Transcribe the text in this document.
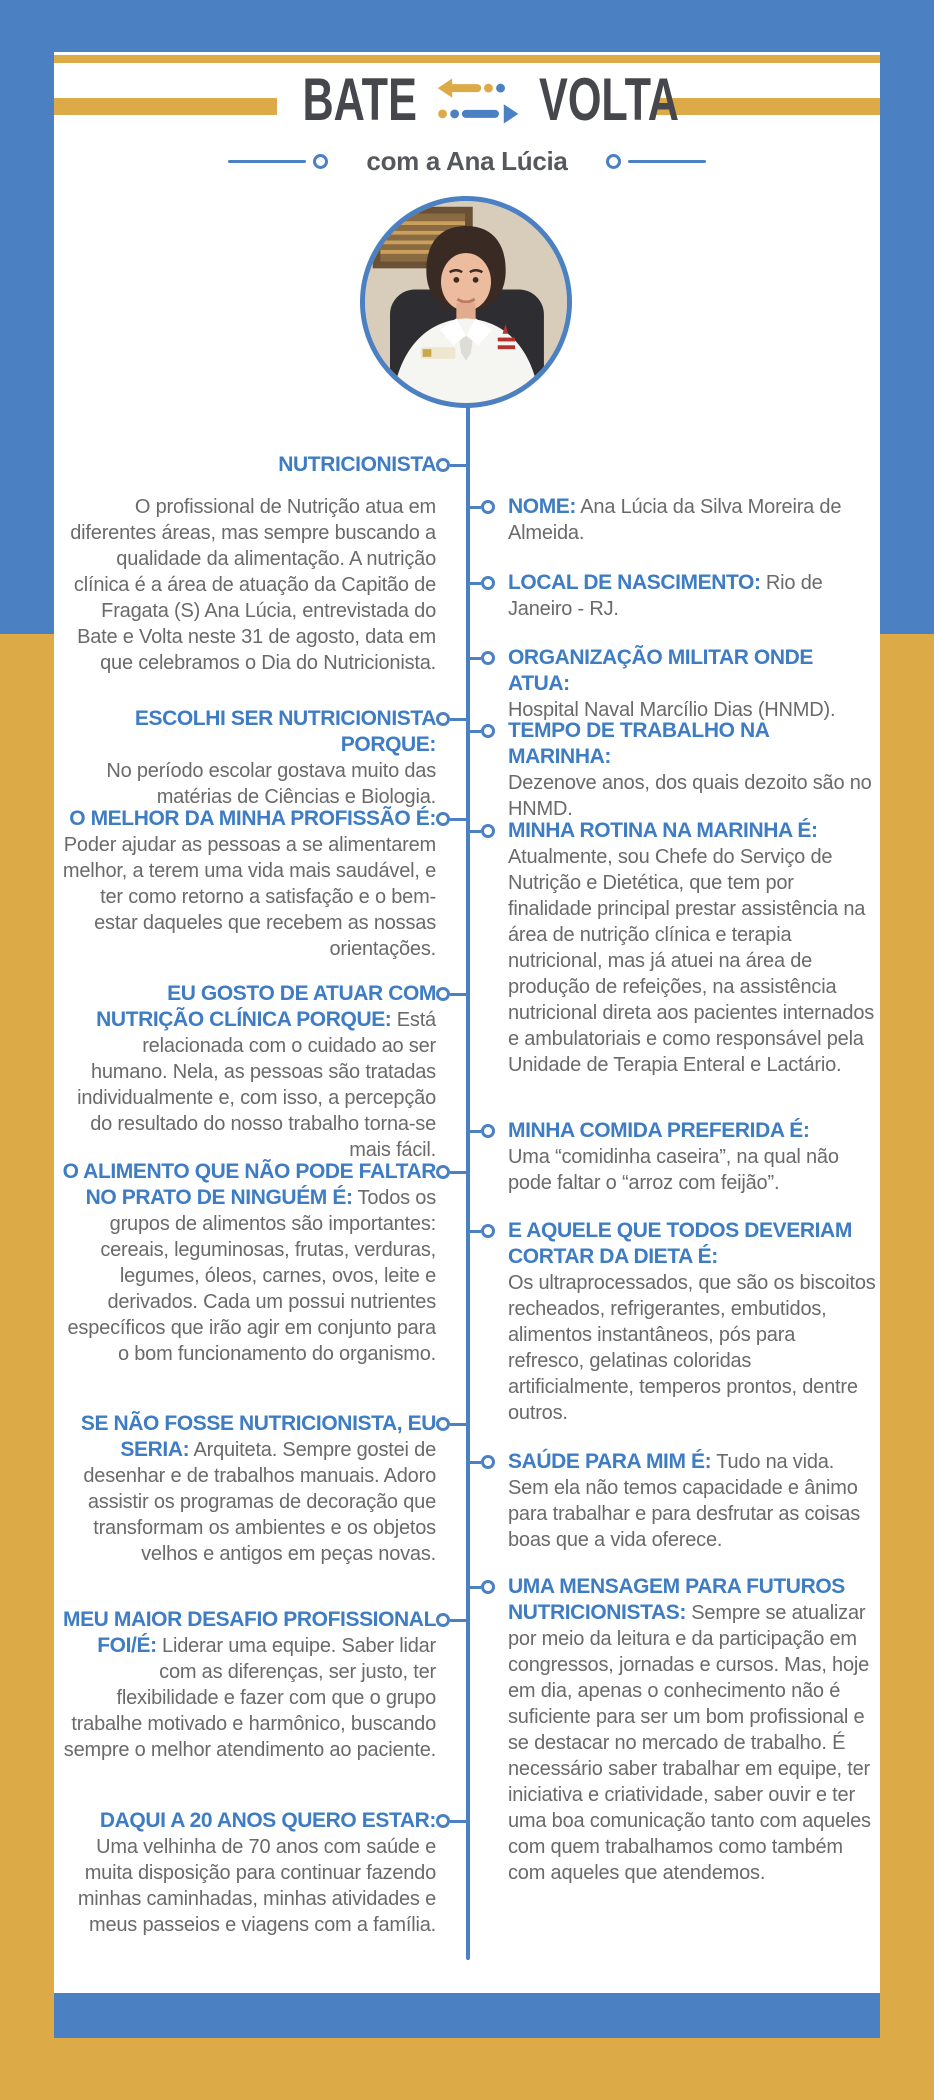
BATE VOLTA
com a Ana Lúcia

NUTRICIONISTA
O profissional de Nutrição atua em diferentes áreas, mas sempre buscando a qualidade da alimentação. A nutrição clínica é a área de atuação da Capitão de Fragata (S) Ana Lúcia, entrevistada do Bate e Volta neste 31 de agosto, data em que celebramos o Dia do Nutricionista.

ESCOLHI SER NUTRICIONISTA PORQUE:
No período escolar gostava muito das matérias de Ciências e Biologia.

O MELHOR DA MINHA PROFISSÃO É:
Poder ajudar as pessoas a se alimentarem melhor, a terem uma vida mais saudável, e ter como retorno a satisfação e o bem-estar daqueles que recebem as nossas orientações.

EU GOSTO DE ATUAR COM NUTRIÇÃO CLÍNICA PORQUE: Está relacionada com o cuidado ao ser humano. Nela, as pessoas são tratadas individualmente e, com isso, a percepção do resultado do nosso trabalho torna-se mais fácil.

O ALIMENTO QUE NÃO PODE FALTAR NO PRATO DE NINGUÉM É: Todos os grupos de alimentos são importantes: cereais, leguminosas, frutas, verduras, legumes, óleos, carnes, ovos, leite e derivados. Cada um possui nutrientes específicos que irão agir em conjunto para o bom funcionamento do organismo.

SE NÃO FOSSE NUTRICIONISTA, EU SERIA: Arquiteta. Sempre gostei de desenhar e de trabalhos manuais. Adoro assistir os programas de decoração que transformam os ambientes e os objetos velhos e antigos em peças novas.

MEU MAIOR DESAFIO PROFISSIONAL FOI/É: Liderar uma equipe. Saber lidar com as diferenças, ser justo, ter flexibilidade e fazer com que o grupo trabalhe motivado e harmônico, buscando sempre o melhor atendimento ao paciente.

DAQUI A 20 ANOS QUERO ESTAR:
Uma velhinha de 70 anos com saúde e muita disposição para continuar fazendo minhas caminhadas, minhas atividades e meus passeios e viagens com a família.

NOME: Ana Lúcia da Silva Moreira de Almeida.

LOCAL DE NASCIMENTO: Rio de Janeiro - RJ.

ORGANIZAÇÃO MILITAR ONDE ATUA:
Hospital Naval Marcílio Dias (HNMD).

TEMPO DE TRABALHO NA MARINHA:
Dezenove anos, dos quais dezoito são no HNMD.

MINHA ROTINA NA MARINHA É:
Atualmente, sou Chefe do Serviço de Nutrição e Dietética, que tem por finalidade principal prestar assistência na área de nutrição clínica e terapia nutricional, mas já atuei na área de produção de refeições, na assistência nutricional direta aos pacientes internados e ambulatoriais e como responsável pela Unidade de Terapia Enteral e Lactário.

MINHA COMIDA PREFERIDA É:
Uma “comidinha caseira”, na qual não pode faltar o “arroz com feijão”.

E AQUELE QUE TODOS DEVERIAM CORTAR DA DIETA É:
Os ultraprocessados, que são os biscoitos recheados, refrigerantes, embutidos, alimentos instantâneos, pós para refresco, gelatinas coloridas artificialmente, temperos prontos, dentre outros.

SAÚDE PARA MIM É: Tudo na vida. Sem ela não temos capacidade e ânimo para trabalhar e para desfrutar as coisas boas que a vida oferece.

UMA MENSAGEM PARA FUTUROS NUTRICIONISTAS: Sempre se atualizar por meio da leitura e da participação em congressos, jornadas e cursos. Mas, hoje em dia, apenas o conhecimento não é suficiente para ser um bom profissional e se destacar no mercado de trabalho. É necessário saber trabalhar em equipe, ter iniciativa e criatividade, saber ouvir e ter uma boa comunicação tanto com aqueles com quem trabalhamos como também com aqueles que atendemos.
